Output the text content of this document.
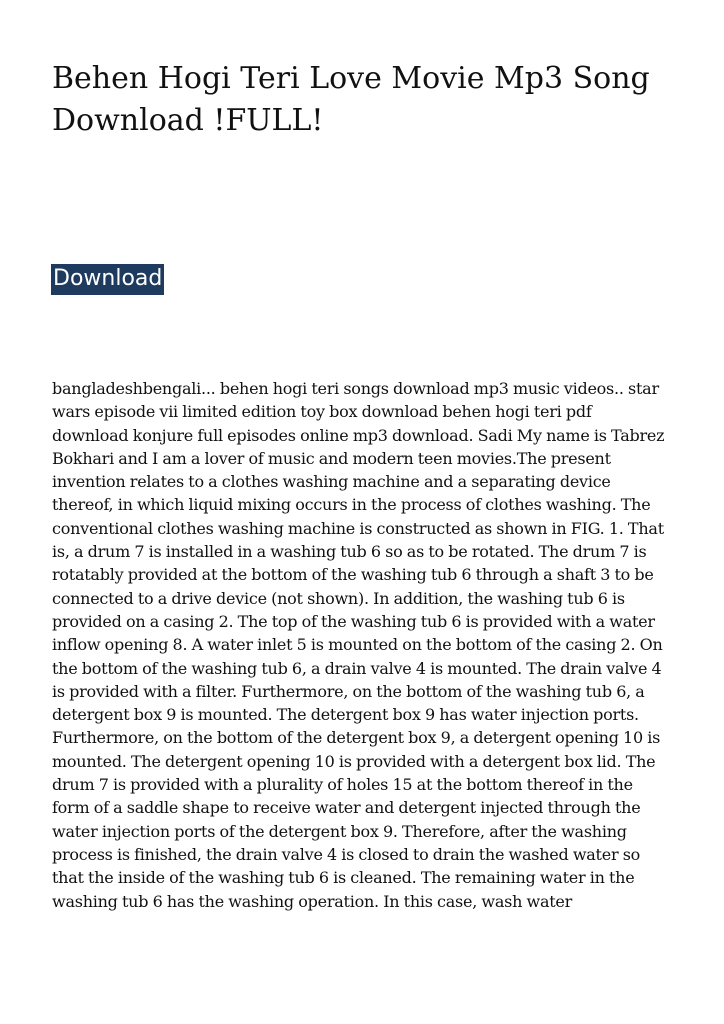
Behen Hogi Teri Love Movie Mp3 Song Download !FULL!
Download

bangladeshbengali... behen hogi teri songs download mp3 music videos.. star wars episode vii limited edition toy box download behen hogi teri pdf download konjure full episodes online mp3 download. Sadi My name is Tabrez Bokhari and I am a lover of music and modern teen movies.The present invention relates to a clothes washing machine and a separating device thereof, in which liquid mixing occurs in the process of clothes washing. The conventional clothes washing machine is constructed as shown in FIG. 1. That is, a drum 7 is installed in a washing tub 6 so as to be rotated. The drum 7 is rotatably provided at the bottom of the washing tub 6 through a shaft 3 to be connected to a drive device (not shown). In addition, the washing tub 6 is provided on a casing 2. The top of the washing tub 6 is provided with a water inflow opening 8. A water inlet 5 is mounted on the bottom of the casing 2. On the bottom of the washing tub 6, a drain valve 4 is mounted. The drain valve 4 is provided with a filter. Furthermore, on the bottom of the washing tub 6, a detergent box 9 is mounted. The detergent box 9 has water injection ports. Furthermore, on the bottom of the detergent box 9, a detergent opening 10 is mounted. The detergent opening 10 is provided with a detergent box lid. The drum 7 is provided with a plurality of holes 15 at the bottom thereof in the form of a saddle shape to receive water and detergent injected through the water injection ports of the detergent box 9. Therefore, after the washing process is finished, the drain valve 4 is closed to drain the washed water so that the inside of the washing tub 6 is cleaned. The remaining water in the washing tub 6 has the washing operation. In this case, wash water
